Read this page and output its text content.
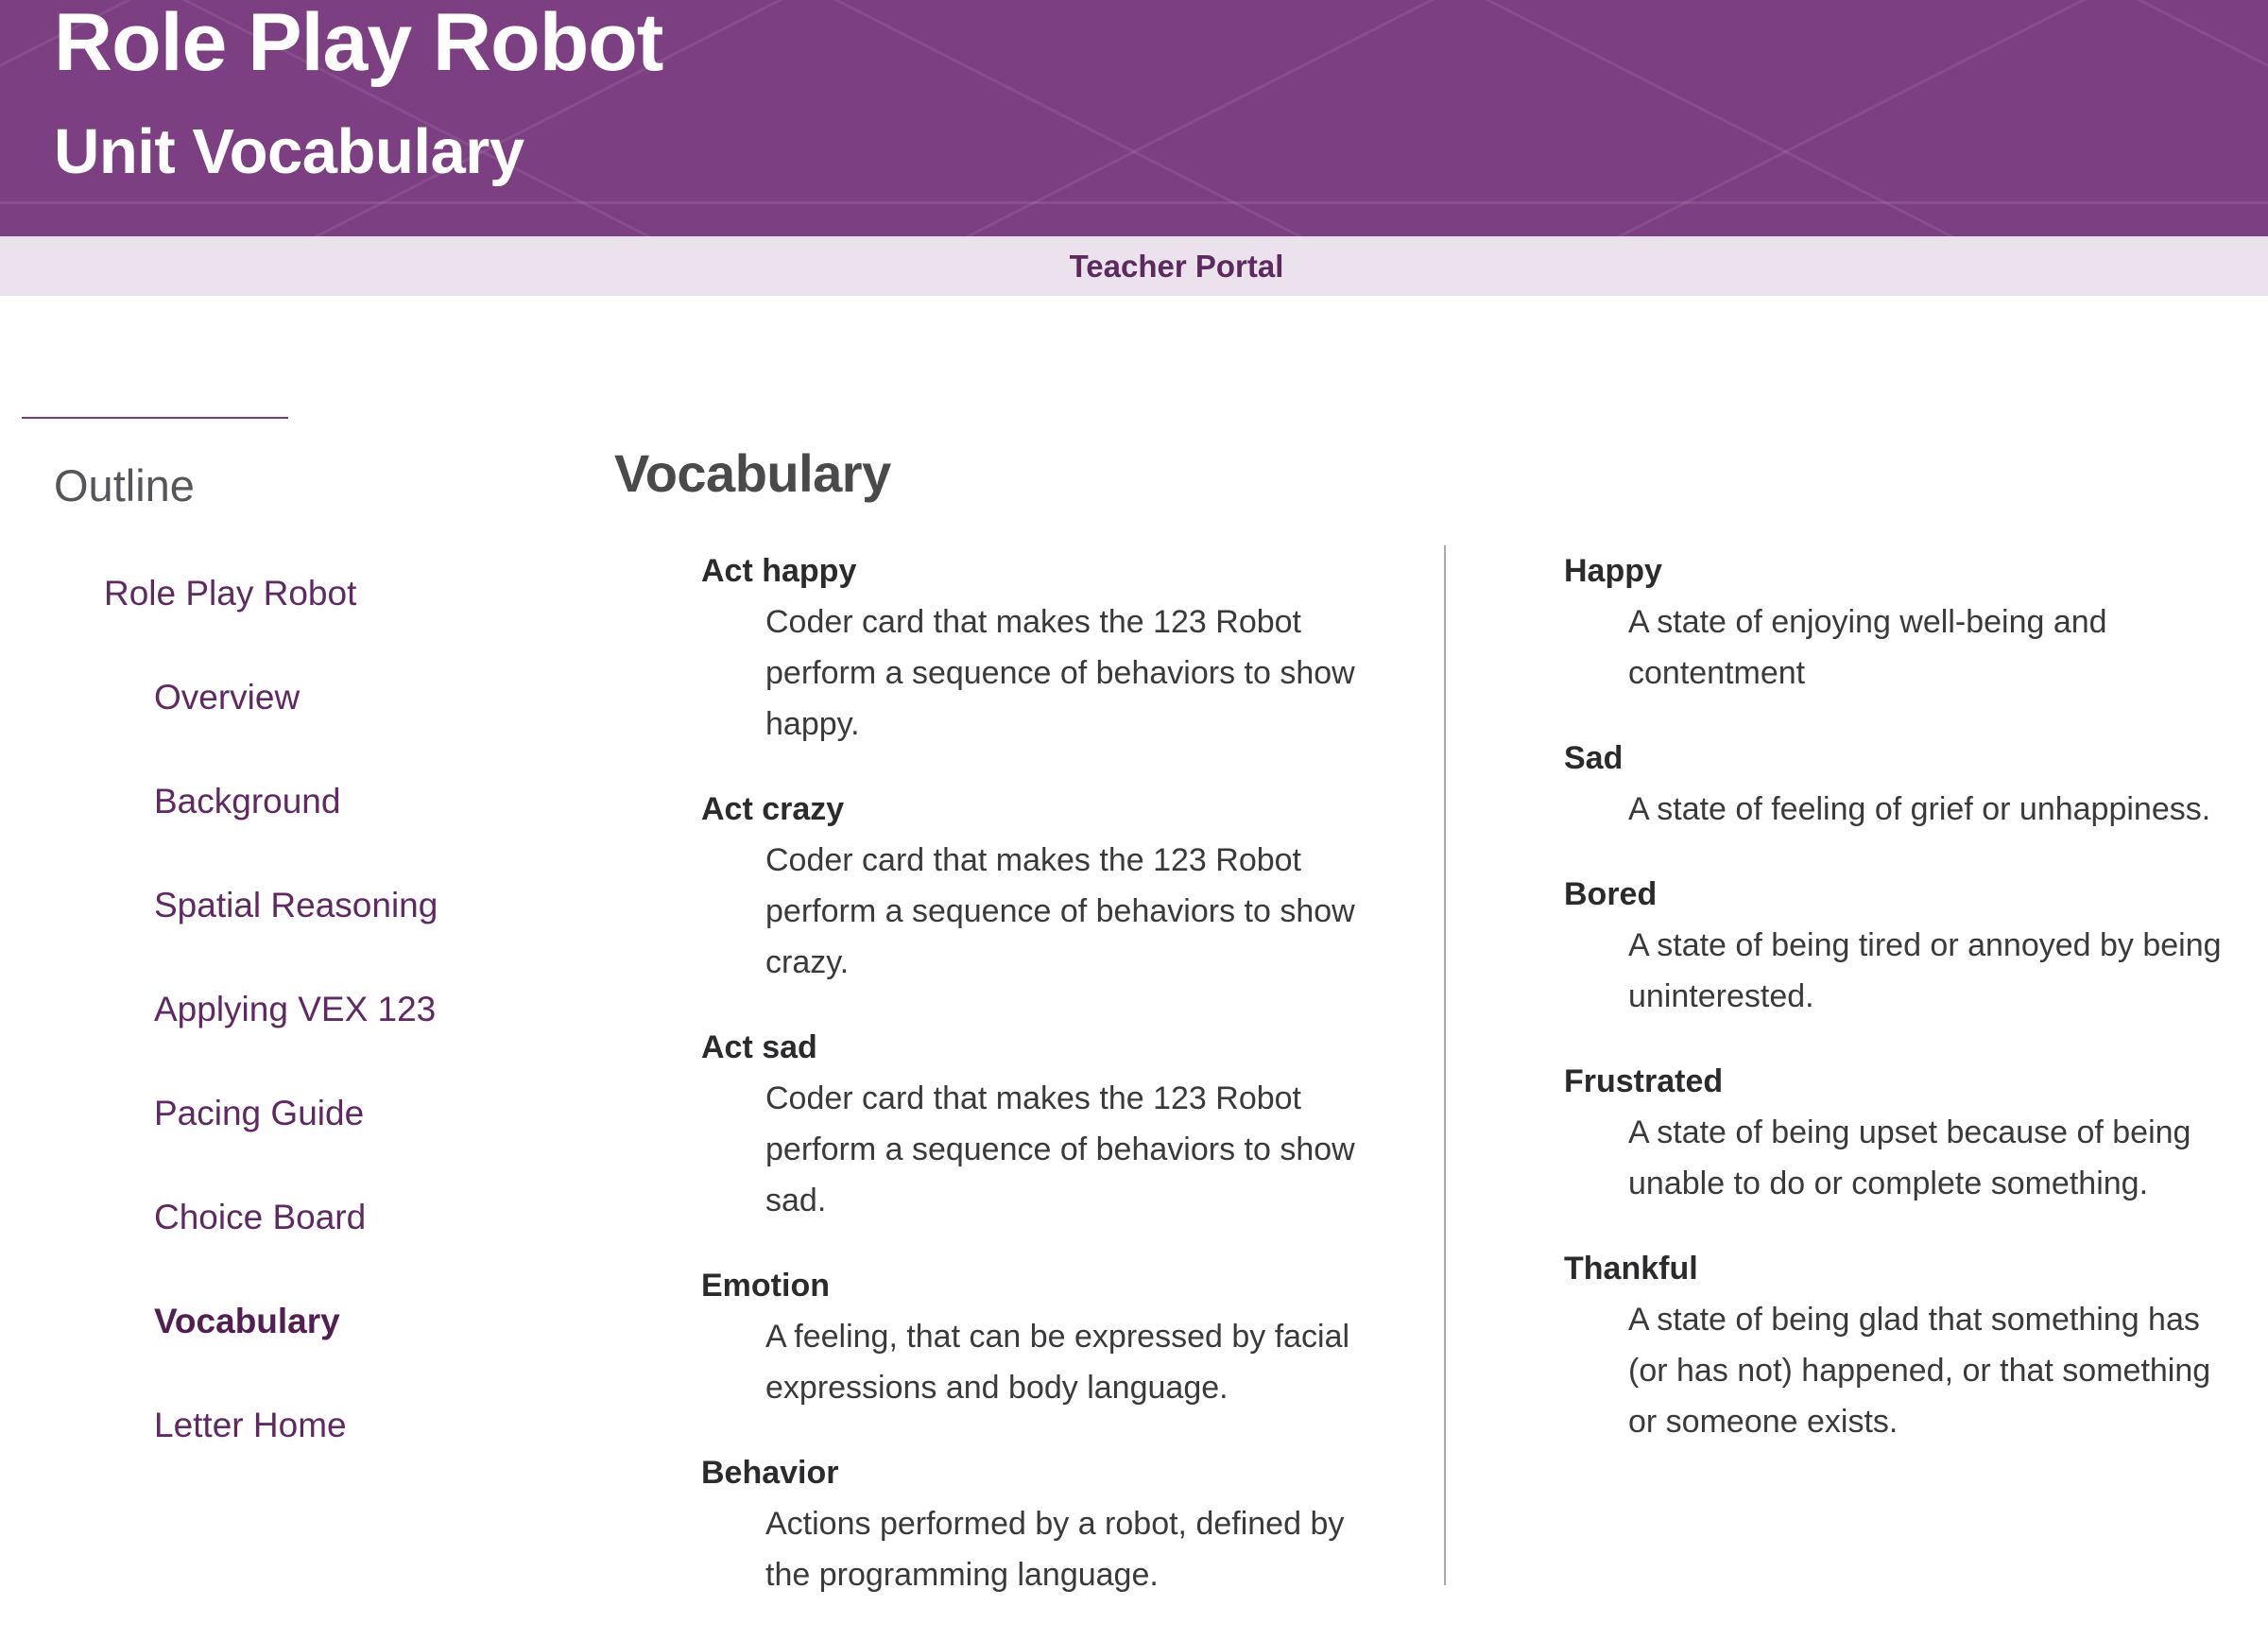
Role Play Robot
Unit Vocabulary
Teacher Portal
Outline
Role Play Robot
Overview
Background
Spatial Reasoning
Applying VEX 123
Pacing Guide
Choice Board
Vocabulary
Letter Home
Vocabulary
Act happy
Coder card that makes the 123 Robot perform a sequence of behaviors to show happy.
Act crazy
Coder card that makes the 123 Robot perform a sequence of behaviors to show crazy.
Act sad
Coder card that makes the 123 Robot perform a sequence of behaviors to show sad.
Emotion
A feeling, that can be expressed by facial expressions and body language.
Behavior
Actions performed by a robot, defined by the programming language.
Happy
A state of enjoying well-being and contentment
Sad
A state of feeling of grief or unhappiness.
Bored
A state of being tired or annoyed by being uninterested.
Frustrated
A state of being upset because of being unable to do or complete something.
Thankful
A state of being glad that something has (or has not) happened, or that something or someone exists.
